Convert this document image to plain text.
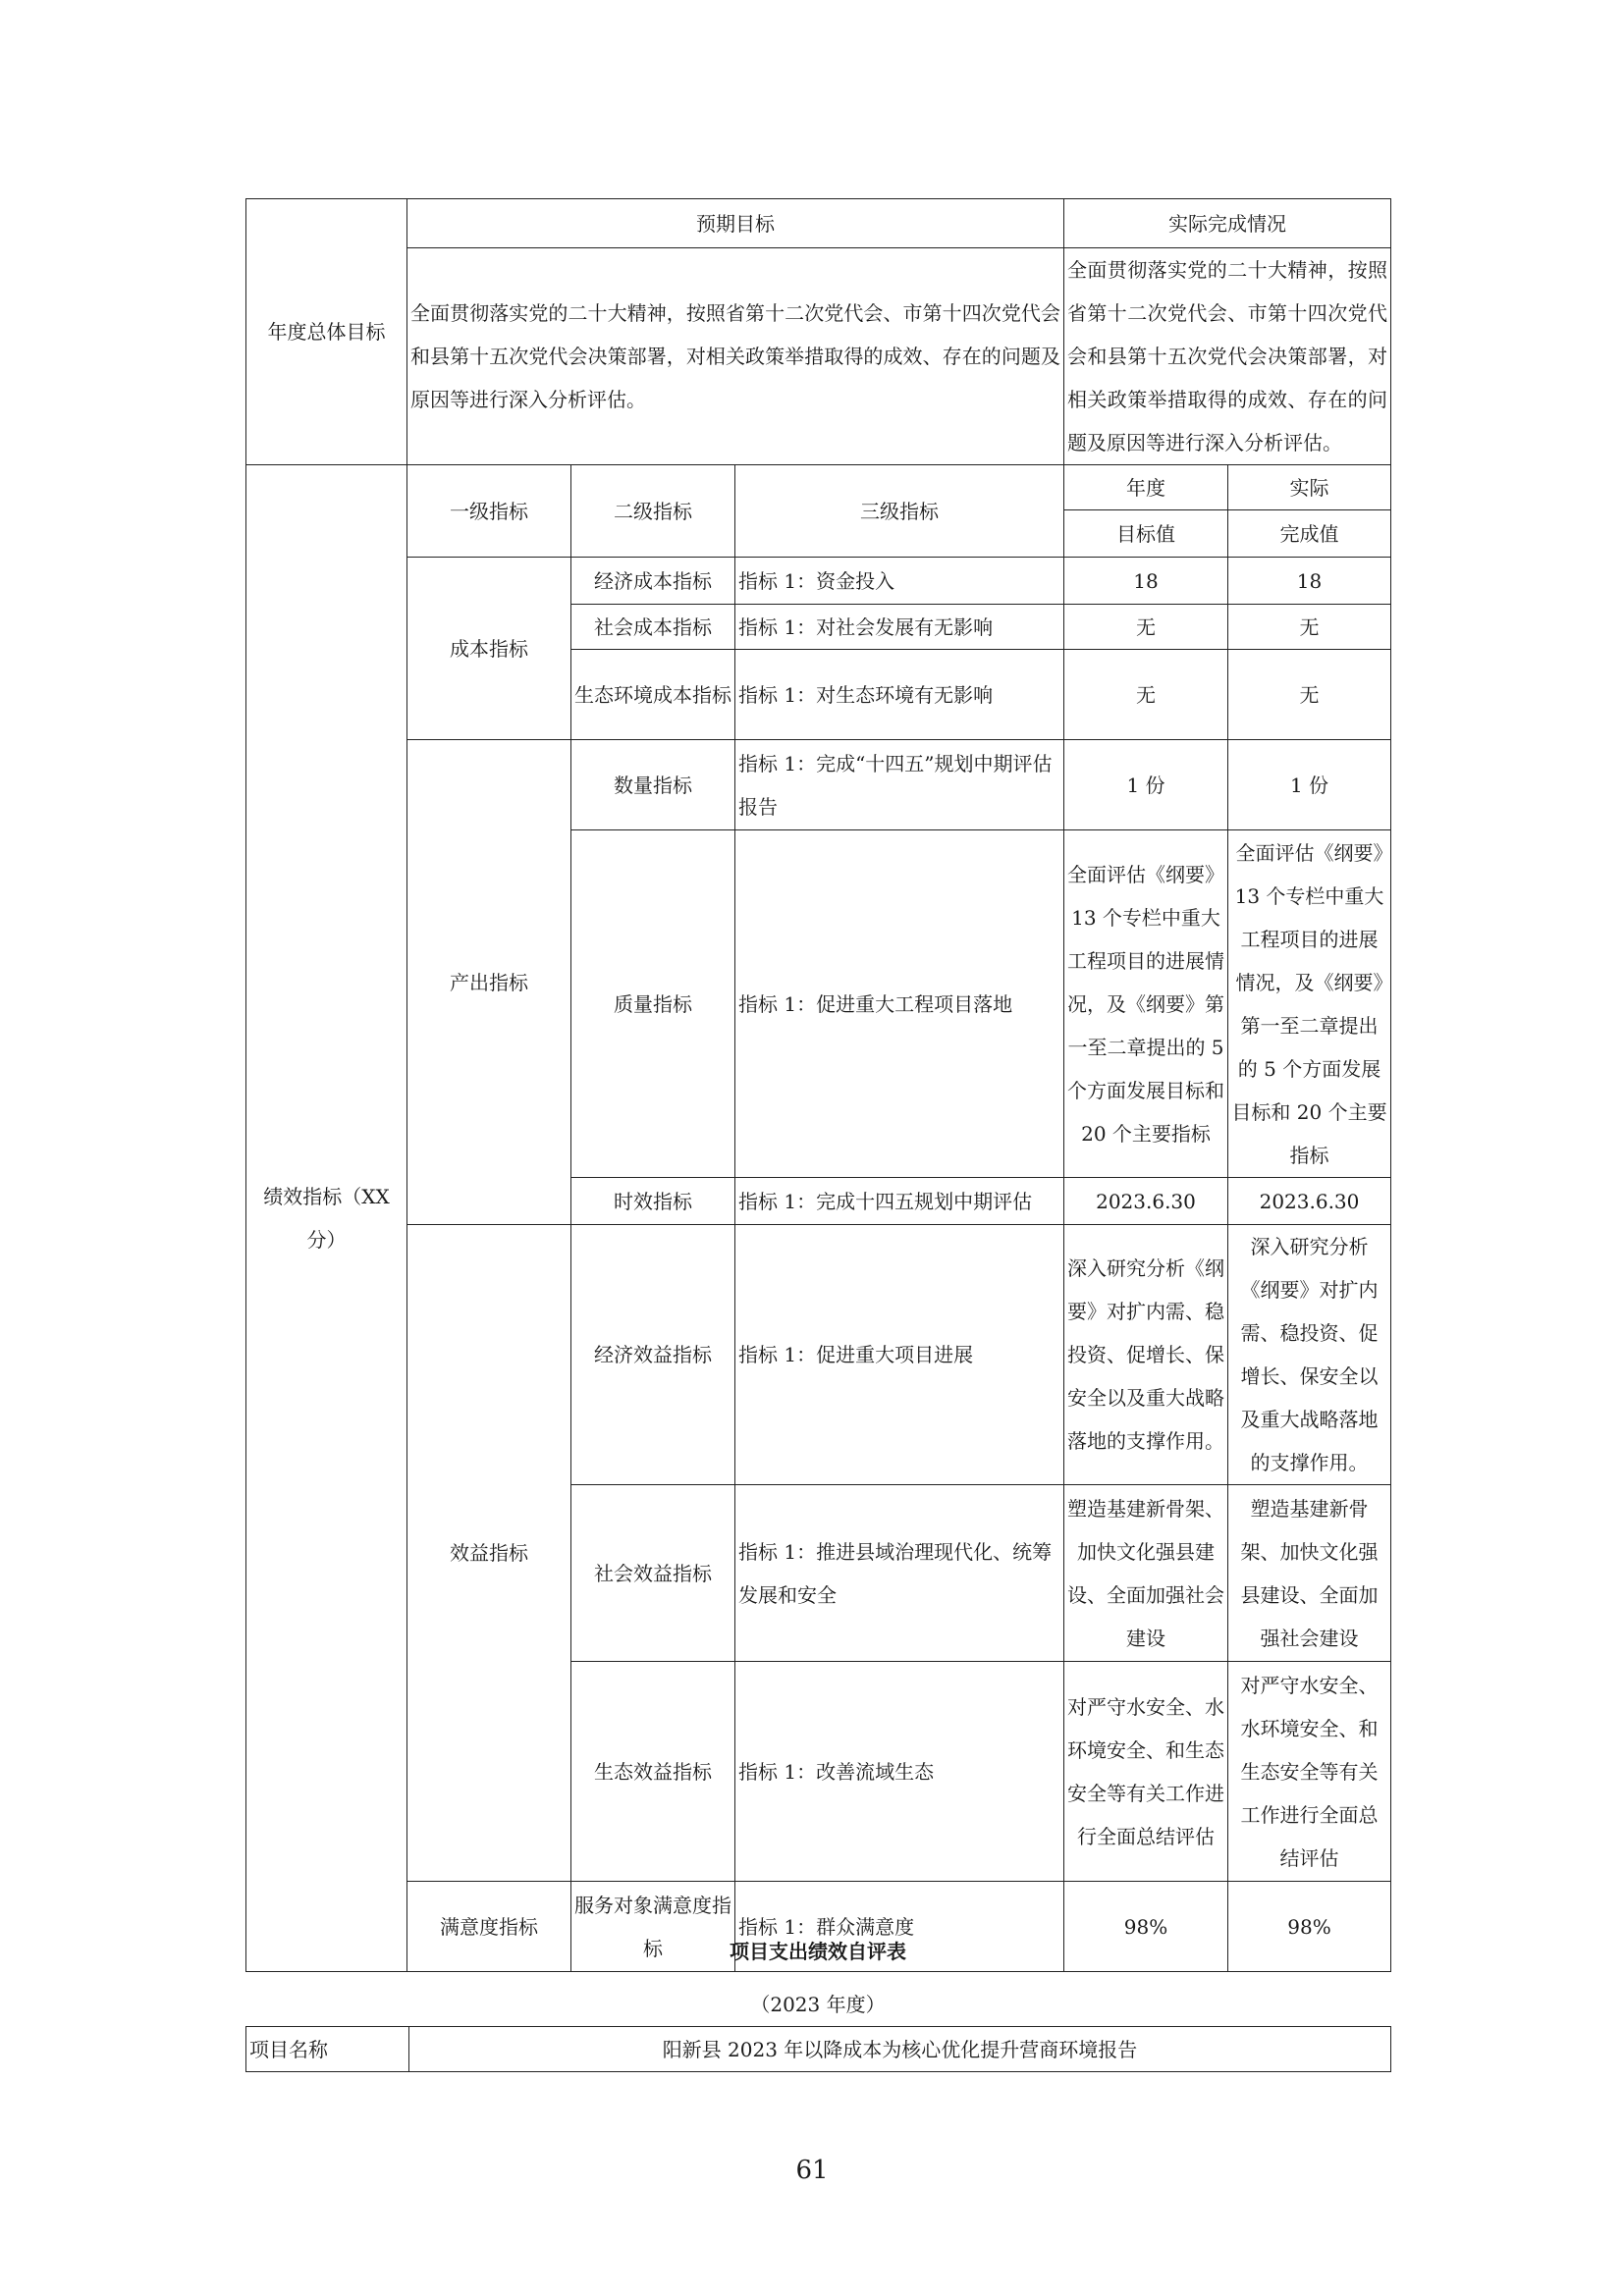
年度总体目标	预期目标			实际完成情况	
	全面贯彻落实党的二十大精神，按照省第十二次党代会、市第十四次党代会和县第十五次党代会决策部署，对相关政策举措取得的成效、存在的问题及原因等进行深入分析评估。			全面贯彻落实党的二十大精神，按照省第十二次党代会、市第十四次党代会和县第十五次党代会决策部署，对相关政策举措取得的成效、存在的问题及原因等进行深入分析评估。	
绩效指标（XX分）	一级指标	二级指标	三级指标	年度	实际
				目标值	完成值
	成本指标	经济成本指标	指标 1：资金投入	18	18
		社会成本指标	指标 1：对社会发展有无影响	无	无
		生态环境成本指标	指标 1：对生态环境有无影响	无	无
	产出指标	数量指标	指标 1：完成“十四五”规划中期评估报告	1 份	1 份
		质量指标	指标 1：促进重大工程项目落地	全面评估《纲要》13 个专栏中重大工程项目的进展情况，及《纲要》第一至二章提出的 5 个方面发展目标和 20 个主要指标	全面评估《纲要》13 个专栏中重大工程项目的进展情况，及《纲要》第一至二章提出的 5 个方面发展目标和 20 个主要指标
		时效指标	指标 1：完成十四五规划中期评估	2023.6.30	2023.6.30
	效益指标	经济效益指标	指标 1：促进重大项目进展	深入研究分析《纲要》对扩内需、稳投资、促增长、保安全以及重大战略落地的支撑作用。	深入研究分析《纲要》对扩内需、稳投资、促增长、保安全以及重大战略落地的支撑作用。
		社会效益指标	指标 1：推进县域治理现代化、统筹发展和安全	塑造基建新骨架、加快文化强县建设、全面加强社会建设	塑造基建新骨架、加快文化强县建设、全面加强社会建设
		生态效益指标	指标 1：改善流域生态	对严守水安全、水环境安全、和生态安全等有关工作进行全面总结评估	对严守水安全、水环境安全、和生态安全等有关工作进行全面总结评估
	满意度指标	服务对象满意度指标	指标 1：群众满意度	98%	98%
项目支出绩效自评表
（2023 年度）
项目名称	阳新县 2023 年以降成本为核心优化提升营商环境报告
61
